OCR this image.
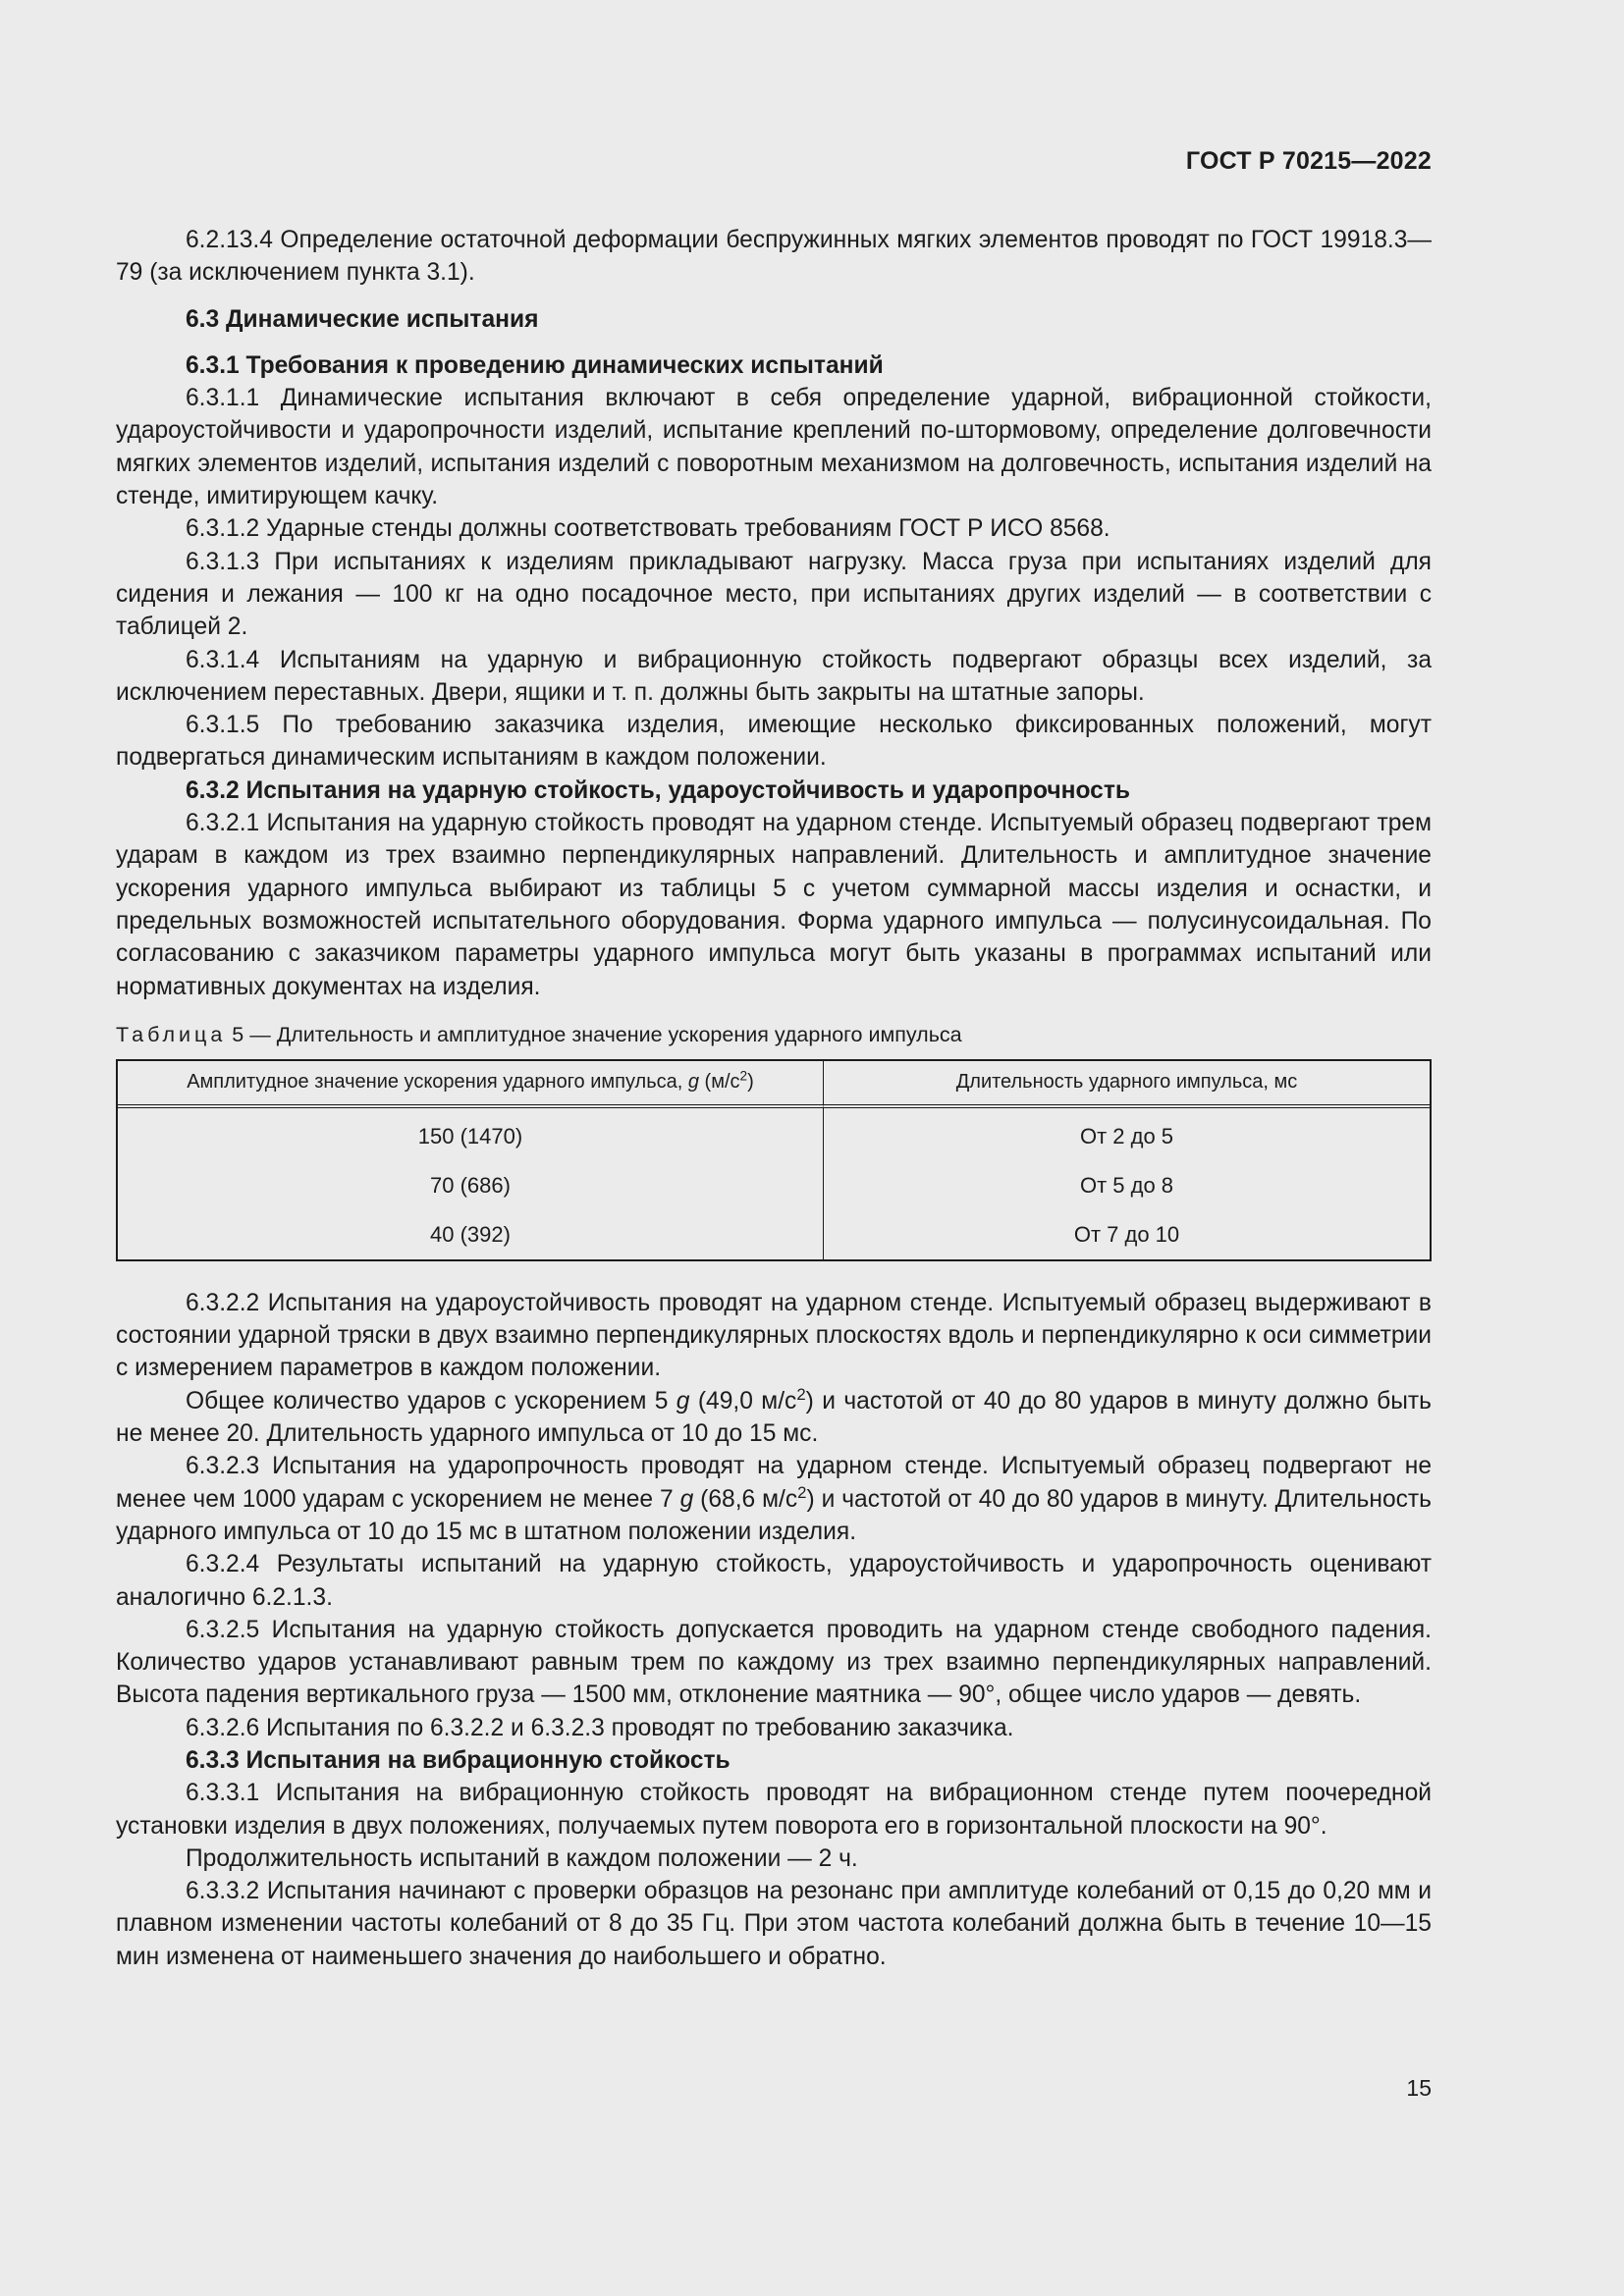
ГОСТ Р 70215—2022

6.2.13.4 Определение остаточной деформации беспружинных мягких элементов проводят по ГОСТ 19918.3—79 (за исключением пункта 3.1).

6.3 Динамические испытания

6.3.1 Требования к проведению динамических испытаний

6.3.1.1 Динамические испытания включают в себя определение ударной, вибрационной стойкости, удароустойчивости и ударопрочности изделий, испытание креплений по-штормовому, определение долговечности мягких элементов изделий, испытания изделий с поворотным механизмом на долговечность, испытания изделий на стенде, имитирующем качку.

6.3.1.2 Ударные стенды должны соответствовать требованиям ГОСТ Р ИСО 8568.

6.3.1.3 При испытаниях к изделиям прикладывают нагрузку. Масса груза при испытаниях изделий для сидения и лежания — 100 кг на одно посадочное место, при испытаниях других изделий — в соответствии с таблицей 2.

6.3.1.4 Испытаниям на ударную и вибрационную стойкость подвергают образцы всех изделий, за исключением переставных. Двери, ящики и т. п. должны быть закрыты на штатные запоры.

6.3.1.5 По требованию заказчика изделия, имеющие несколько фиксированных положений, могут подвергаться динамическим испытаниям в каждом положении.

6.3.2 Испытания на ударную стойкость, удароустойчивость и ударопрочность

6.3.2.1 Испытания на ударную стойкость проводят на ударном стенде. Испытуемый образец подвергают трем ударам в каждом из трех взаимно перпендикулярных направлений. Длительность и амплитудное значение ускорения ударного импульса выбирают из таблицы 5 с учетом суммарной массы изделия и оснастки, и предельных возможностей испытательного оборудования. Форма ударного импульса — полусинусоидальная. По согласованию с заказчиком параметры ударного импульса могут быть указаны в программах испытаний или нормативных документах на изделия.

Таблица 5 — Длительность и амплитудное значение ускорения ударного импульса
Амплитудное значение ускорения ударного импульса, g $(м/с^2)$	Длительность ударного импульса, мс
150 (1470)	От 2 до 5
70 (686)	От 5 до 8
40 (392)	От 7 до 10

6.3.2.2 Испытания на удароустойчивость проводят на ударном стенде. Испытуемый образец выдерживают в состоянии ударной тряски в двух взаимно перпендикулярных плоскостях вдоль и перпендикулярно к оси симметрии с измерением параметров в каждом положении.

Общее количество ударов с ускорением 5 g (49,0 $м/с^2$) и частотой от 40 до 80 ударов в минуту должно быть не менее 20. Длительность ударного импульса от 10 до 15 мс.

6.3.2.3 Испытания на ударопрочность проводят на ударном стенде. Испытуемый образец подвергают не менее чем 1000 ударам с ускорением не менее 7 g (68,6 $м/с^2$) и частотой от 40 до 80 ударов в минуту. Длительность ударного импульса от 10 до 15 мс в штатном положении изделия.

6.3.2.4 Результаты испытаний на ударную стойкость, удароустойчивость и ударопрочность оценивают аналогично 6.2.1.3.

6.3.2.5 Испытания на ударную стойкость допускается проводить на ударном стенде свободного падения. Количество ударов устанавливают равным трем по каждому из трех взаимно перпендикулярных направлений. Высота падения вертикального груза — 1500 мм, отклонение маятника — 90°, общее число ударов — девять.

6.3.2.6 Испытания по 6.3.2.2 и 6.3.2.3 проводят по требованию заказчика.

6.3.3 Испытания на вибрационную стойкость

6.3.3.1 Испытания на вибрационную стойкость проводят на вибрационном стенде путем поочередной установки изделия в двух положениях, получаемых путем поворота его в горизонтальной плоскости на 90°.

Продолжительность испытаний в каждом положении — 2 ч.

6.3.3.2 Испытания начинают с проверки образцов на резонанс при амплитуде колебаний от 0,15 до 0,20 мм и плавном изменении частоты колебаний от 8 до 35 Гц. При этом частота колебаний должна быть в течение 10—15 мин изменена от наименьшего значения до наибольшего и обратно.

15
